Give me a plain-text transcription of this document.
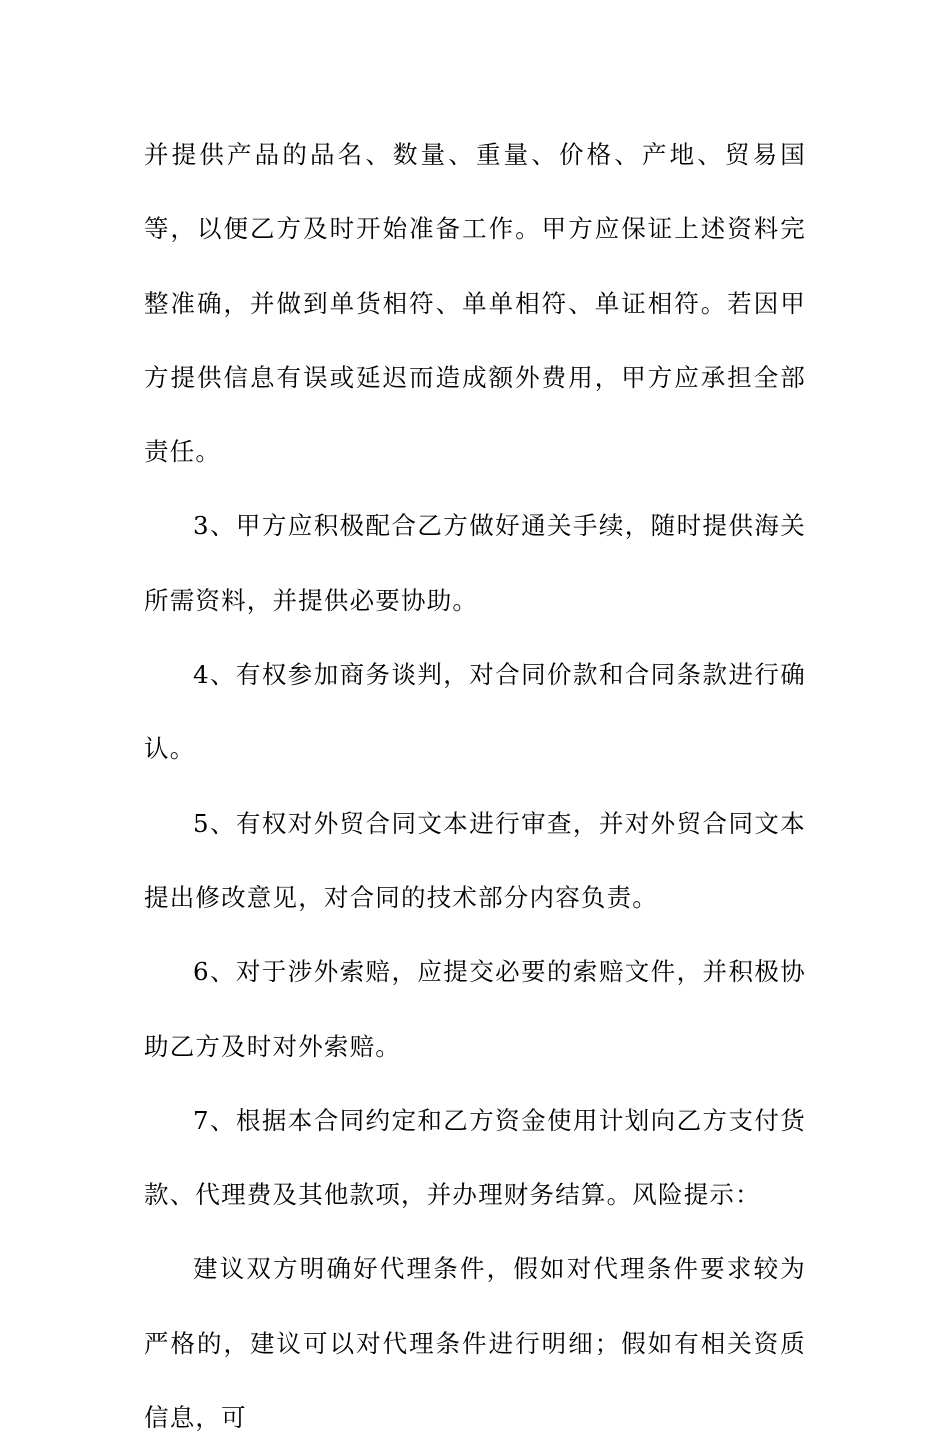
并提供产品的品名、数量、重量、价格、产地、贸易国等，以便乙方及时开始准备工作。甲方应保证上述资料完整准确，并做到单货相符、单单相符、单证相符。若因甲方提供信息有误或延迟而造成额外费用，甲方应承担全部责任。

3、甲方应积极配合乙方做好通关手续，随时提供海关所需资料，并提供必要协助。

4、有权参加商务谈判，对合同价款和合同条款进行确认。

5、有权对外贸合同文本进行审查，并对外贸合同文本提出修改意见，对合同的技术部分内容负责。

6、对于涉外索赔，应提交必要的索赔文件，并积极协助乙方及时对外索赔。

7、根据本合同约定和乙方资金使用计划向乙方支付货款、代理费及其他款项，并办理财务结算。风险提示：

建议双方明确好代理条件，假如对代理条件要求较为严格的，建议可以对代理条件进行明细；假如有相关资质信息，可
